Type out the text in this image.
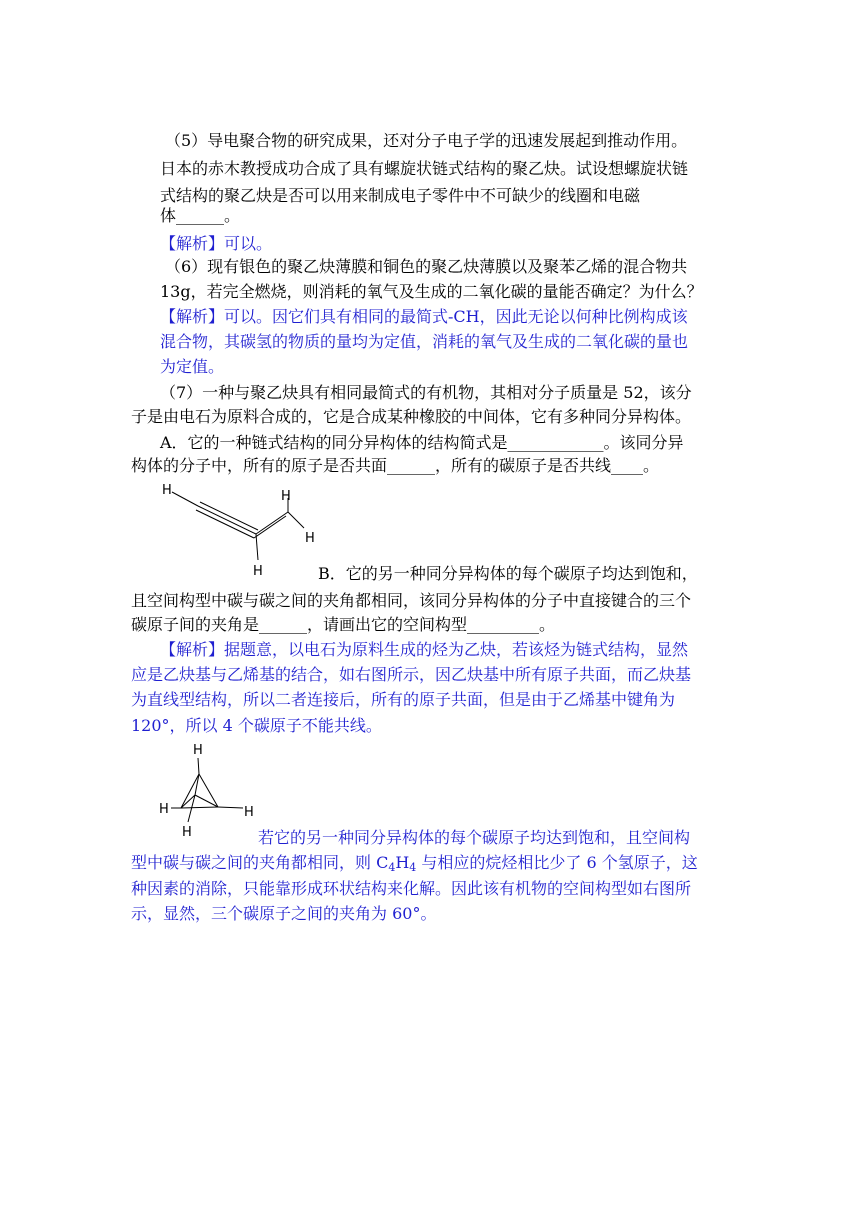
（5）导电聚合物的研究成果，还对分子电子学的迅速发展起到推动作用。
日本的赤木教授成功合成了具有螺旋状链式结构的聚乙炔。试设想螺旋状链
式结构的聚乙炔是否可以用来制成电子零件中不可缺少的线圈和电磁
体______。
【解析】可以。
（6）现有银色的聚乙炔薄膜和铜色的聚乙炔薄膜以及聚苯乙烯的混合物共
13g，若完全燃烧，则消耗的氧气及生成的二氧化碳的量能否确定？为什么？
【解析】可以。因它们具有相同的最简式-CH，因此无论以何种比例构成该
混合物，其碳氢的物质的量均为定值，消耗的氧气及生成的二氧化碳的量也
为定值。
（7）一种与聚乙炔具有相同最简式的有机物，其相对分子质量是 52，该分
子是由电石为原料合成的，它是合成某种橡胶的中间体，它有多种同分异构体。
A．它的一种链式结构的同分异构体的结构简式是____________。该同分异
构体的分子中，所有的原子是否共面______，所有的碳原子是否共线____。
H	H
H
H	B．它的另一种同分异构体的每个碳原子均达到饱和，
且空间构型中碳与碳之间的夹角都相同，该同分异构体的分子中直接键合的三个
碳原子间的夹角是______，请画出它的空间构型_________。
【解析】据题意，以电石为原料生成的烃为乙炔，若该烃为链式结构，显然
应是乙炔基与乙烯基的结合，如右图所示，因乙炔基中所有原子共面，而乙炔基
为直线型结构，所以二者连接后，所有的原子共面，但是由于乙烯基中键角为
120°，所以 4 个碳原子不能共线。
H
H	H
H	若它的另一种同分异构体的每个碳原子均达到饱和，且空间构
型中碳与碳之间的夹角都相同，则 $C_4H_4$ 与相应的烷烃相比少了 6 个氢原子，这
种因素的消除，只能靠形成环状结构来化解。因此该有机物的空间构型如右图所
示，显然，三个碳原子之间的夹角为 60°。
